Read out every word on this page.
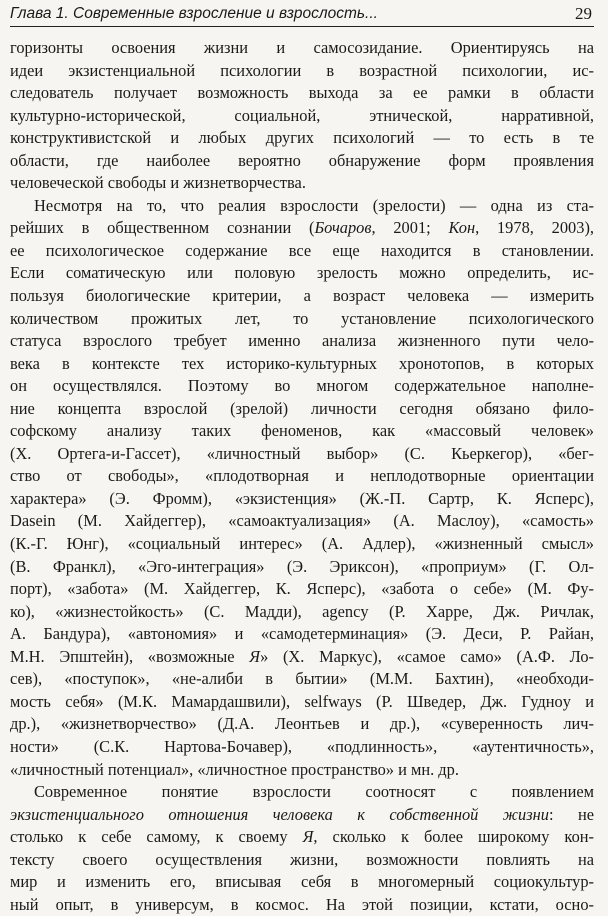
Глава 1. Современные взросление и взрослость...	29
горизонты освоения жизни и самосозидание. Ориентируясь на
идеи экзистенциальной психологии в возрастной психологии, ис-
следователь получает возможность выхода за ее рамки в области
культурно-исторической, социальной, этнической, нарративной,
конструктивистской и любых других психологий — то есть в те
области, где наиболее вероятно обнаружение форм проявления
человеческой свободы и жизнетворчества.
Несмотря на то, что реалия взрослости (зрелости) — одна из ста-
рейших в общественном сознании (Бочаров, 2001; Кон, 1978, 2003),
ее психологическое содержание все еще находится в становлении.
Если соматическую или половую зрелость можно определить, ис-
пользуя биологические критерии, а возраст человека — измерить
количеством прожитых лет, то установление психологического
статуса взрослого требует именно анализа жизненного пути чело-
века в контексте тех историко-культурных хронотопов, в которых
он осуществлялся. Поэтому во многом содержательное наполне-
ние концепта взрослой (зрелой) личности сегодня обязано фило-
софскому анализу таких феноменов, как «массовый человек»
(Х. Ортега-и-Гассет), «личностный выбор» (С. Кьеркегор), «бег-
ство от свободы», «плодотворная и неплодотворные ориентации
характера» (Э. Фромм), «экзистенция» (Ж.-П. Сартр, К. Ясперс),
Dasein (М. Хайдеггер), «самоактуализация» (А. Маслоу), «самость»
(К.-Г. Юнг), «социальный интерес» (А. Адлер), «жизненный смысл»
(В. Франкл), «Эго-интеграция» (Э. Эриксон), «проприум» (Г. Ол-
порт), «забота» (М. Хайдеггер, К. Ясперс), «забота о себе» (М. Фу-
ко), «жизнестойкость» (С. Мадди), agency (Р. Харре, Дж. Ричлак,
А. Бандура), «автономия» и «самодетерминация» (Э. Деси, Р. Райан,
М.Н. Эпштейн), «возможные Я» (Х. Маркус), «самое само» (А.Ф. Ло-
сев), «поступок», «не-алиби в бытии» (М.М. Бахтин), «необходи-
мость себя» (М.К. Мамардашвили), selfways (Р. Шведер, Дж. Гуднoу и
др.), «жизнетворчество» (Д.А. Леонтьев и др.), «суверенность лич-
ности» (С.К. Нартова-Бочавер), «подлинность», «аутентичность»,
«личностный потенциал», «личностное пространство» и мн. др.
Современное понятие взрослости соотносят с появлением
экзистенциального отношения человека к собственной жизни: не
столько к себе самому, к своему Я, сколько к более широкому кон-
тексту своего осуществления жизни, возможности повлиять на
мир и изменить его, вписывая себя в многомерный социокультур-
ный опыт, в универсум, в космос. На этой позиции, кстати, осно-
